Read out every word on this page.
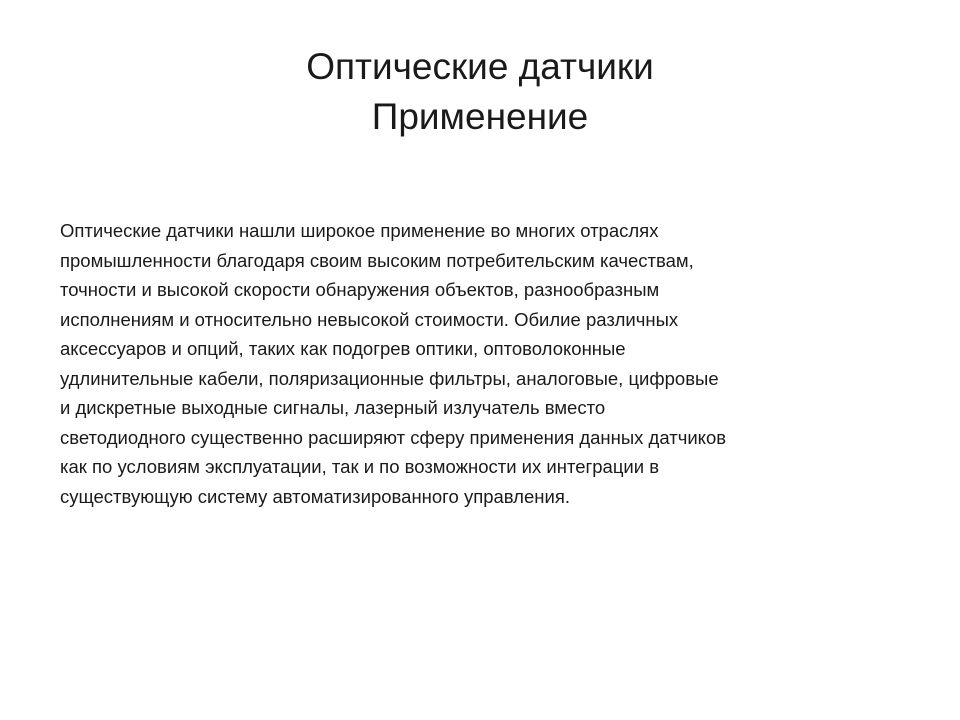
Оптические датчики
Применение
Оптические датчики нашли широкое применение во многих отраслях
промышленности благодаря своим высоким потребительским качествам,
точности и высокой скорости обнаружения объектов, разнообразным
исполнениям и относительно невысокой стоимости. Обилие различных
аксессуаров и опций, таких как подогрев оптики, оптоволоконные
удлинительные кабели, поляризационные фильтры, аналоговые, цифровые
и дискретные выходные сигналы, лазерный излучатель вместо
светодиодного существенно расширяют сферу применения данных датчиков
как по условиям эксплуатации, так и по возможности их интеграции в
существующую систему автоматизированного управления.
